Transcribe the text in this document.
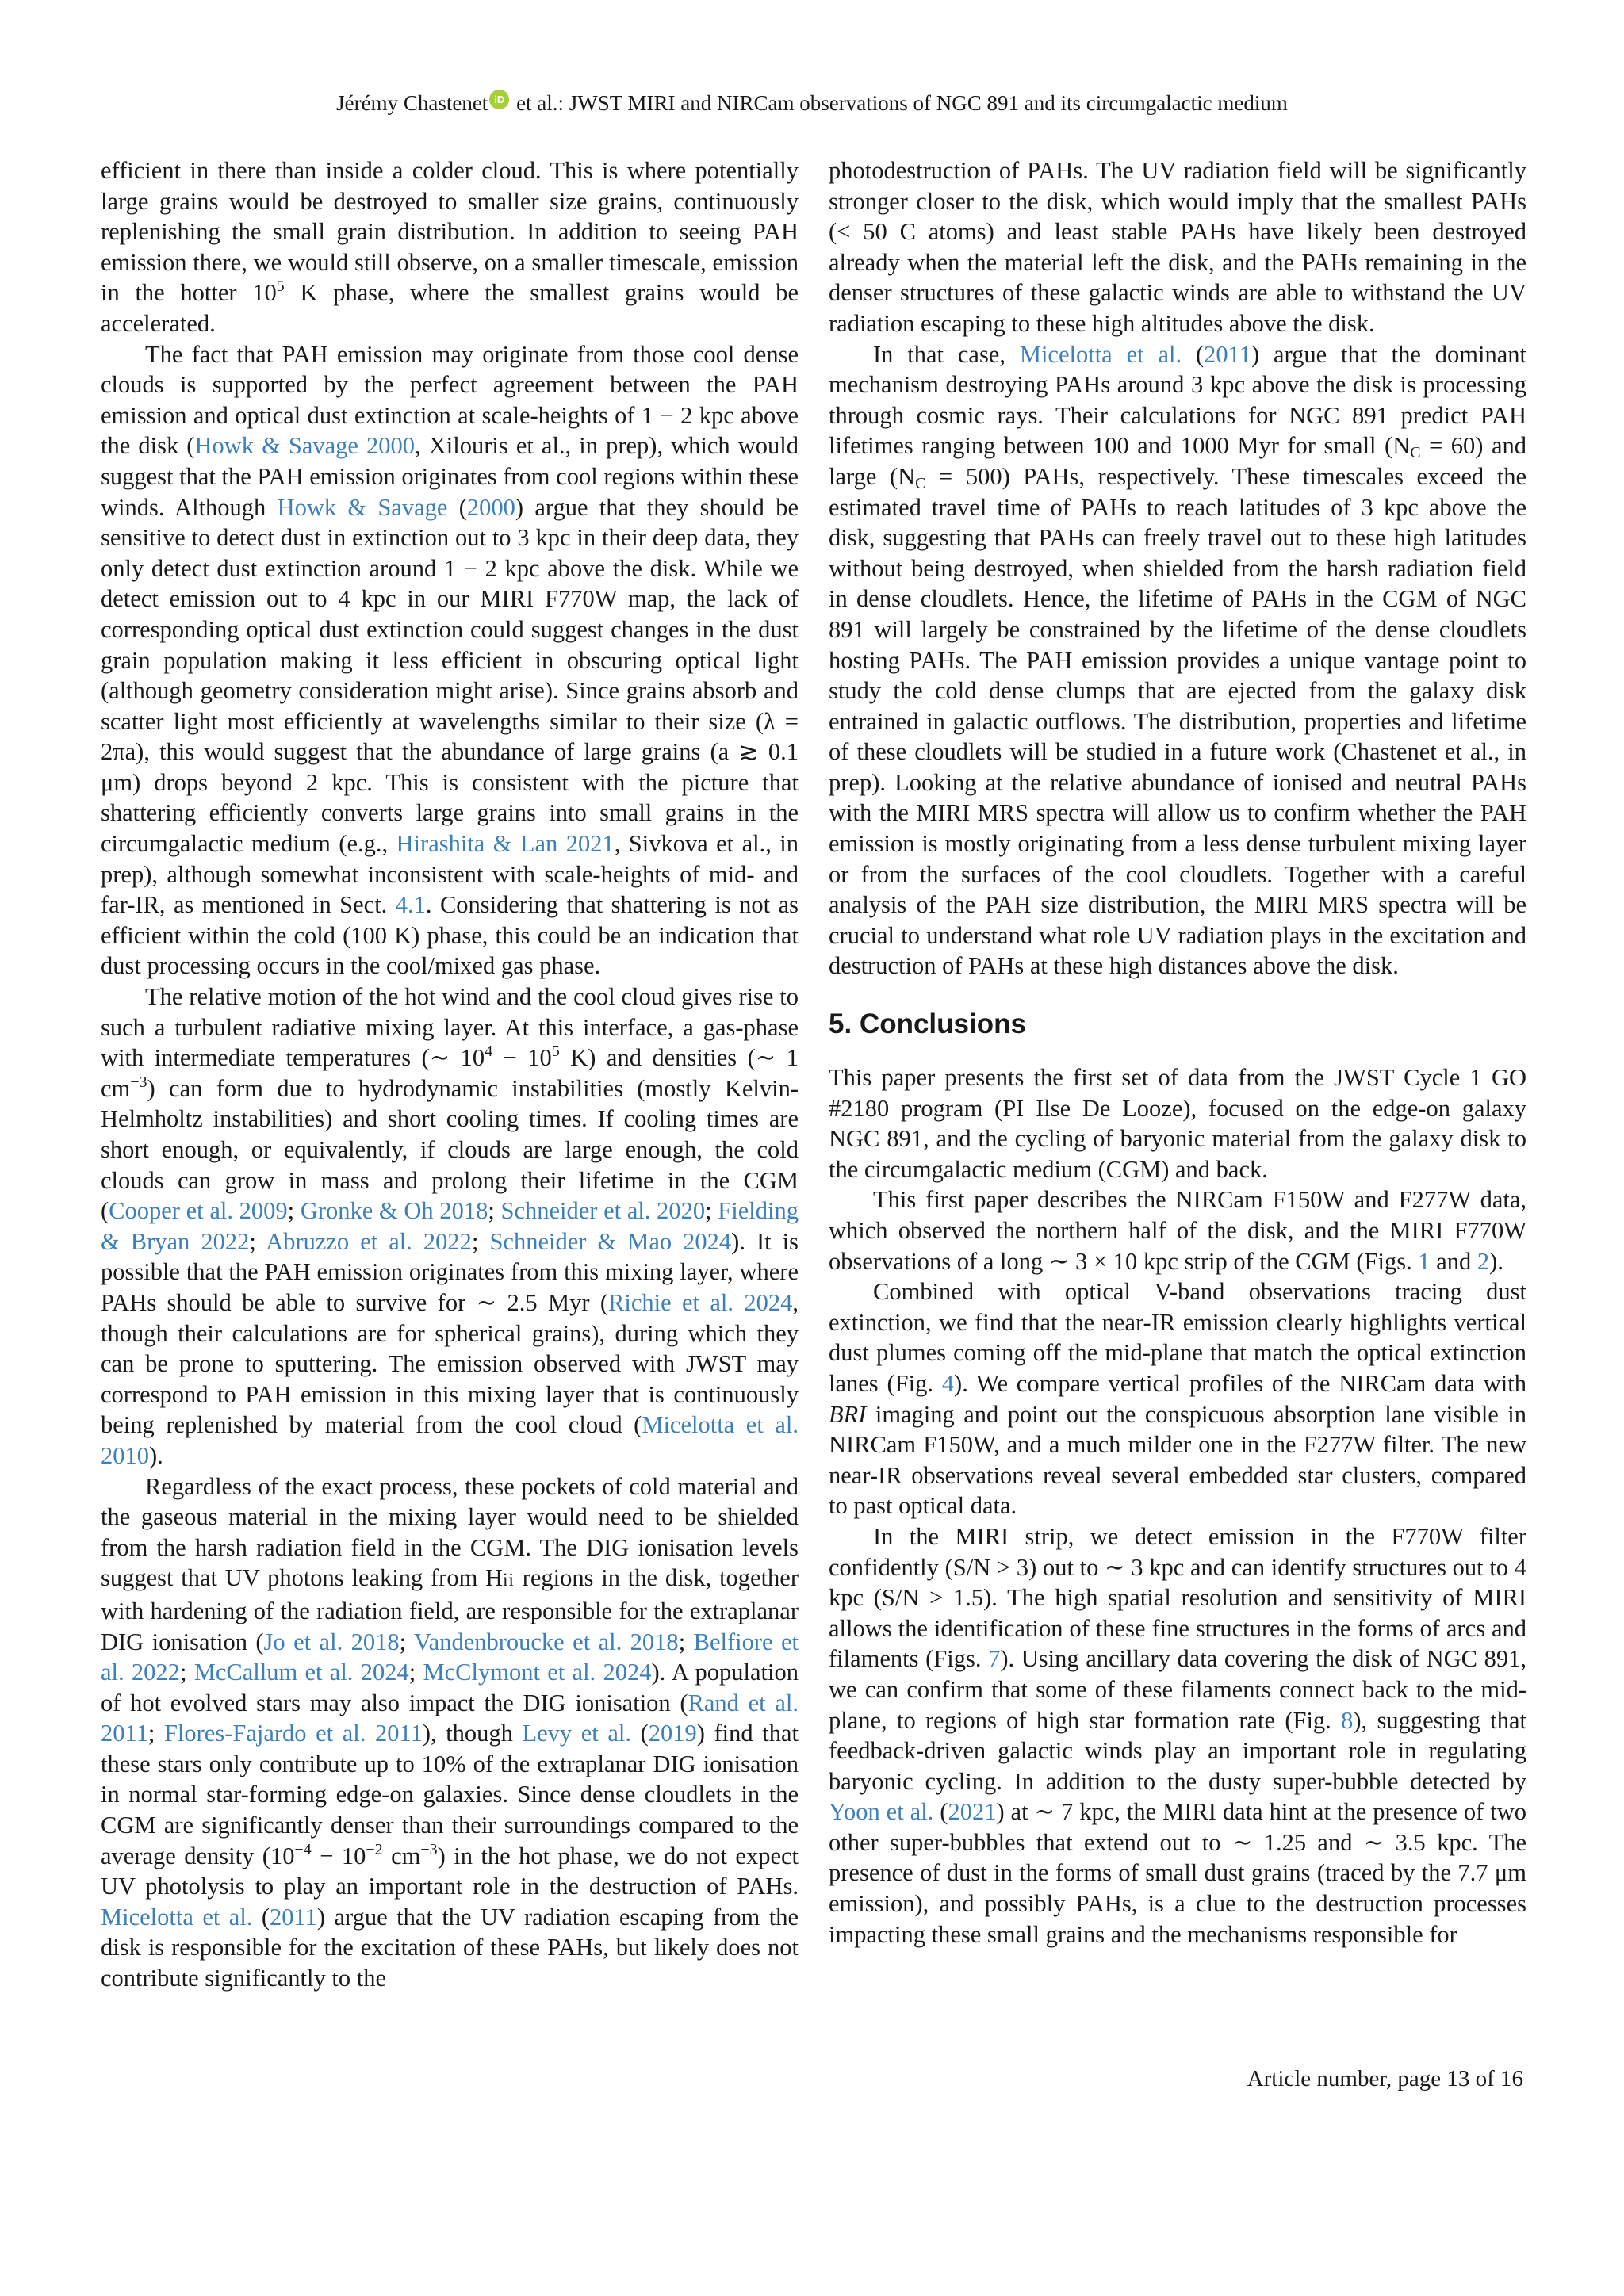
Jérémy Chastenet iD et al.: JWST MIRI and NIRCam observations of NGC 891 and its circumgalactic medium

efficient in there than inside a colder cloud. This is where potentially large grains would be destroyed to smaller size grains, continuously replenishing the small grain distribution. In addition to seeing PAH emission there, we would still observe, on a smaller timescale, emission in the hotter $10^5$ K phase, where the smallest grains would be accelerated.

The fact that PAH emission may originate from those cool dense clouds is supported by the perfect agreement between the PAH emission and optical dust extinction at scale-heights of 1 − 2 kpc above the disk (Howk & Savage 2000, Xilouris et al., in prep), which would suggest that the PAH emission originates from cool regions within these winds. Although Howk & Savage (2000) argue that they should be sensitive to detect dust in extinction out to 3 kpc in their deep data, they only detect dust extinction around 1 − 2 kpc above the disk. While we detect emission out to 4 kpc in our MIRI F770W map, the lack of corresponding optical dust extinction could suggest changes in the dust grain population making it less efficient in obscuring optical light (although geometry consideration might arise). Since grains absorb and scatter light most efficiently at wavelengths similar to their size (λ = 2πa), this would suggest that the abundance of large grains (a ≳ 0.1 μm) drops beyond 2 kpc. This is consistent with the picture that shattering efficiently converts large grains into small grains in the circumgalactic medium (e.g., Hirashita & Lan 2021, Sivkova et al., in prep), although somewhat inconsistent with scale-heights of mid- and far-IR, as mentioned in Sect. 4.1. Considering that shattering is not as efficient within the cold (100 K) phase, this could be an indication that dust processing occurs in the cool/mixed gas phase.

The relative motion of the hot wind and the cool cloud gives rise to such a turbulent radiative mixing layer. At this interface, a gas-phase with intermediate temperatures (∼ $10^4 - 10^5$ K) and densities (∼ 1 $cm^{-3}$) can form due to hydrodynamic instabilities (mostly Kelvin-Helmholtz instabilities) and short cooling times. If cooling times are short enough, or equivalently, if clouds are large enough, the cold clouds can grow in mass and prolong their lifetime in the CGM (Cooper et al. 2009; Gronke & Oh 2018; Schneider et al. 2020; Fielding & Bryan 2022; Abruzzo et al. 2022; Schneider & Mao 2024). It is possible that the PAH emission originates from this mixing layer, where PAHs should be able to survive for ∼ 2.5 Myr (Richie et al. 2024, though their calculations are for spherical grains), during which they can be prone to sputtering. The emission observed with JWST may correspond to PAH emission in this mixing layer that is continuously being replenished by material from the cool cloud (Micelotta et al. 2010).

Regardless of the exact process, these pockets of cold material and the gaseous material in the mixing layer would need to be shielded from the harsh radiation field in the CGM. The DIG ionisation levels suggest that UV photons leaking from Hii regions in the disk, together with hardening of the radiation field, are responsible for the extraplanar DIG ionisation (Jo et al. 2018; Vandenbroucke et al. 2018; Belfiore et al. 2022; McCallum et al. 2024; McClymont et al. 2024). A population of hot evolved stars may also impact the DIG ionisation (Rand et al. 2011; Flores-Fajardo et al. 2011), though Levy et al. (2019) find that these stars only contribute up to 10% of the extraplanar DIG ionisation in normal star-forming edge-on galaxies. Since dense cloudlets in the CGM are significantly denser than their surroundings compared to the average density ($10^{-4} - 10^{-2}$ $cm^{-3}$) in the hot phase, we do not expect UV photolysis to play an important role in the destruction of PAHs. Micelotta et al. (2011) argue that the UV radiation escaping from the disk is responsible for the excitation of these PAHs, but likely does not contribute significantly to the

photodestruction of PAHs. The UV radiation field will be significantly stronger closer to the disk, which would imply that the smallest PAHs (< 50 C atoms) and least stable PAHs have likely been destroyed already when the material left the disk, and the PAHs remaining in the denser structures of these galactic winds are able to withstand the UV radiation escaping to these high altitudes above the disk.

In that case, Micelotta et al. (2011) argue that the dominant mechanism destroying PAHs around 3 kpc above the disk is processing through cosmic rays. Their calculations for NGC 891 predict PAH lifetimes ranging between 100 and 1000 Myr for small $(N_C = 60)$ and large $(N_C = 500)$ PAHs, respectively. These timescales exceed the estimated travel time of PAHs to reach latitudes of 3 kpc above the disk, suggesting that PAHs can freely travel out to these high latitudes without being destroyed, when shielded from the harsh radiation field in dense cloudlets. Hence, the lifetime of PAHs in the CGM of NGC 891 will largely be constrained by the lifetime of the dense cloudlets hosting PAHs. The PAH emission provides a unique vantage point to study the cold dense clumps that are ejected from the galaxy disk entrained in galactic outflows. The distribution, properties and lifetime of these cloudlets will be studied in a future work (Chastenet et al., in prep). Looking at the relative abundance of ionised and neutral PAHs with the MIRI MRS spectra will allow us to confirm whether the PAH emission is mostly originating from a less dense turbulent mixing layer or from the surfaces of the cool cloudlets. Together with a careful analysis of the PAH size distribution, the MIRI MRS spectra will be crucial to understand what role UV radiation plays in the excitation and destruction of PAHs at these high distances above the disk.

5. Conclusions

This paper presents the first set of data from the JWST Cycle 1 GO #2180 program (PI Ilse De Looze), focused on the edge-on galaxy NGC 891, and the cycling of baryonic material from the galaxy disk to the circumgalactic medium (CGM) and back.

This first paper describes the NIRCam F150W and F277W data, which observed the northern half of the disk, and the MIRI F770W observations of a long ∼ 3 × 10 kpc strip of the CGM (Figs. 1 and 2).

Combined with optical V-band observations tracing dust extinction, we find that the near-IR emission clearly highlights vertical dust plumes coming off the mid-plane that match the optical extinction lanes (Fig. 4). We compare vertical profiles of the NIRCam data with BRI imaging and point out the conspicuous absorption lane visible in NIRCam F150W, and a much milder one in the F277W filter. The new near-IR observations reveal several embedded star clusters, compared to past optical data.

In the MIRI strip, we detect emission in the F770W filter confidently (S/N > 3) out to ∼ 3 kpc and can identify structures out to 4 kpc (S/N > 1.5). The high spatial resolution and sensitivity of MIRI allows the identification of these fine structures in the forms of arcs and filaments (Figs. 7). Using ancillary data covering the disk of NGC 891, we can confirm that some of these filaments connect back to the mid-plane, to regions of high star formation rate (Fig. 8), suggesting that feedback-driven galactic winds play an important role in regulating baryonic cycling. In addition to the dusty super-bubble detected by Yoon et al. (2021) at ∼ 7 kpc, the MIRI data hint at the presence of two other super-bubbles that extend out to ∼ 1.25 and ∼ 3.5 kpc. The presence of dust in the forms of small dust grains (traced by the 7.7 μm emission), and possibly PAHs, is a clue to the destruction processes impacting these small grains and the mechanisms responsible for

Article number, page 13 of 16
